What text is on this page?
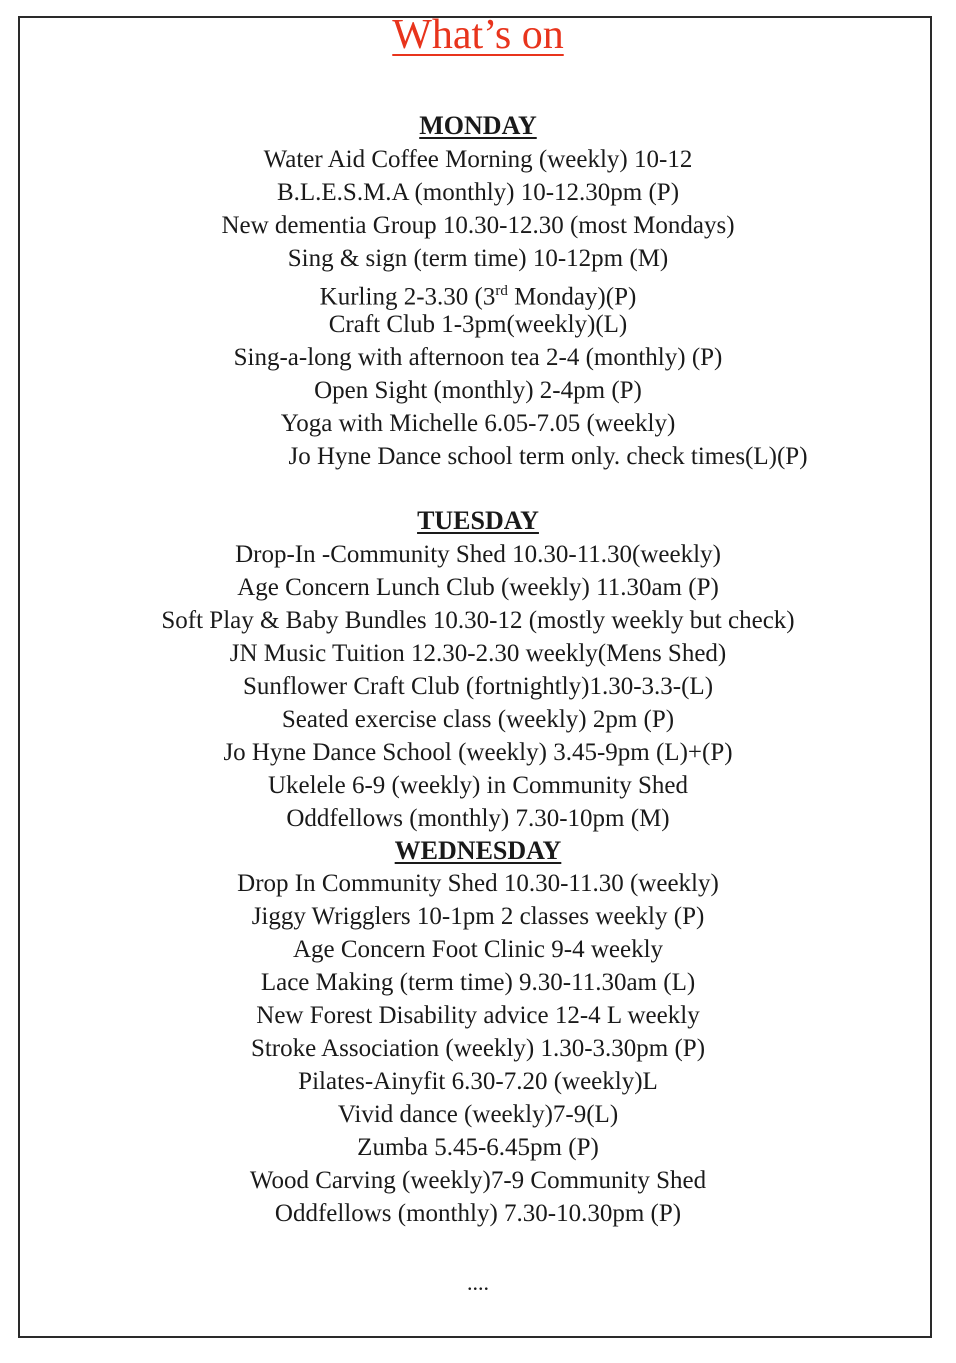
What’s on
MONDAY
Water Aid Coffee Morning (weekly) 10-12
B.L.E.S.M.A (monthly) 10-12.30pm (P)
New dementia Group 10.30-12.30 (most Mondays)
Sing & sign (term time) 10-12pm (M)
Kurling 2-3.30 (3rd Monday)(P)
Craft Club 1-3pm(weekly)(L)
Sing-a-long with afternoon tea 2-4 (monthly) (P)
Open Sight (monthly) 2-4pm (P)
Yoga with Michelle 6.05-7.05 (weekly)
Jo Hyne Dance school term only. check times(L)(P)
TUESDAY
Drop-In -Community Shed 10.30-11.30(weekly)
Age Concern Lunch Club (weekly) 11.30am (P)
Soft Play & Baby Bundles 10.30-12 (mostly weekly but check)
JN Music Tuition 12.30-2.30 weekly(Mens Shed)
Sunflower Craft Club (fortnightly)1.30-3.3-(L)
Seated exercise class (weekly) 2pm (P)
Jo Hyne Dance School (weekly) 3.45-9pm (L)+(P)
Ukelele 6-9 (weekly) in Community Shed
Oddfellows (monthly) 7.30-10pm (M)
WEDNESDAY
Drop In Community Shed 10.30-11.30 (weekly)
Jiggy Wrigglers 10-1pm 2 classes weekly (P)
Age Concern Foot Clinic 9-4 weekly
Lace Making (term time) 9.30-11.30am (L)
New Forest Disability advice 12-4 L weekly
Stroke Association (weekly) 1.30-3.30pm (P)
Pilates-Ainyfit 6.30-7.20 (weekly)L
Vivid dance (weekly)7-9(L)
Zumba 5.45-6.45pm (P)
Wood Carving (weekly)7-9 Community Shed
Oddfellows (monthly) 7.30-10.30pm (P)
....
